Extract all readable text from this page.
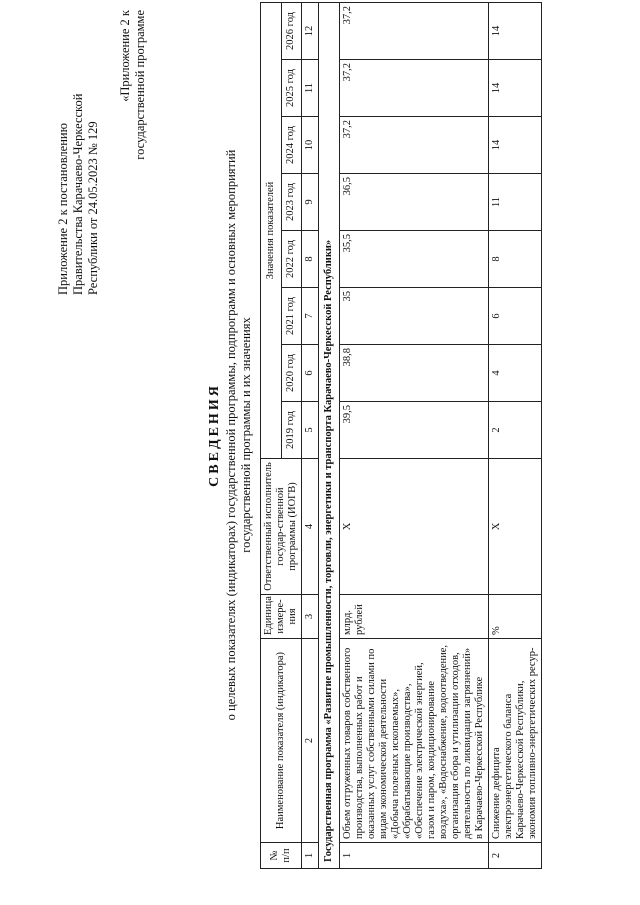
Приложение 2 к постановлению Правительства Карачаево-Черкесской Республики от 24.05.2023 № 129
«Приложение 2 к государственной программе
СВЕДЕНИЯ о целевых показателях (индикаторах) государственной программы, подпрограмм и основных мероприятий государственной программы и их значениях
№ п/п	Наименование показателя (индикатора)	Единица измере-ния	Ответственный исполнитель государ-ственной программы (ИОГВ)	Значения показателей							
				2019 год	2020 год	2021 год	2022 год	2023 год	2024 год	2025 год	2026 год
1	2	3	4	5	6	7	8	9	10	11	12
Государственная программа «Развитие промышленности, торговли, энергетики и транспорта Карачаево-Черкесской Республики»											
1	Объем отгруженных товаров собственного производства, выполненных работ и оказанных услуг собственными силами по видам экономической деятельности «Добыча полезных ископаемых», «Обрабатывающие производства», «Обеспечение электрической энергией, газом и паром, кондиционирование воздуха», «Водоснабжение, водоотведение, организация сбора и утилизации отходов, деятельность по ликвидации загрязнений» в Карачаево-Черкесской Республике	млрд. рублей	X	39,5	38,8	35	35,5	36,5	37,2	37,2	37,2
2	Снижение дефицита электроэнергетического баланса Карачаево-Черкесской Республики, экономия топливно-энергетических ресур-	%	X	2	4	6	8	11	14	14	14
